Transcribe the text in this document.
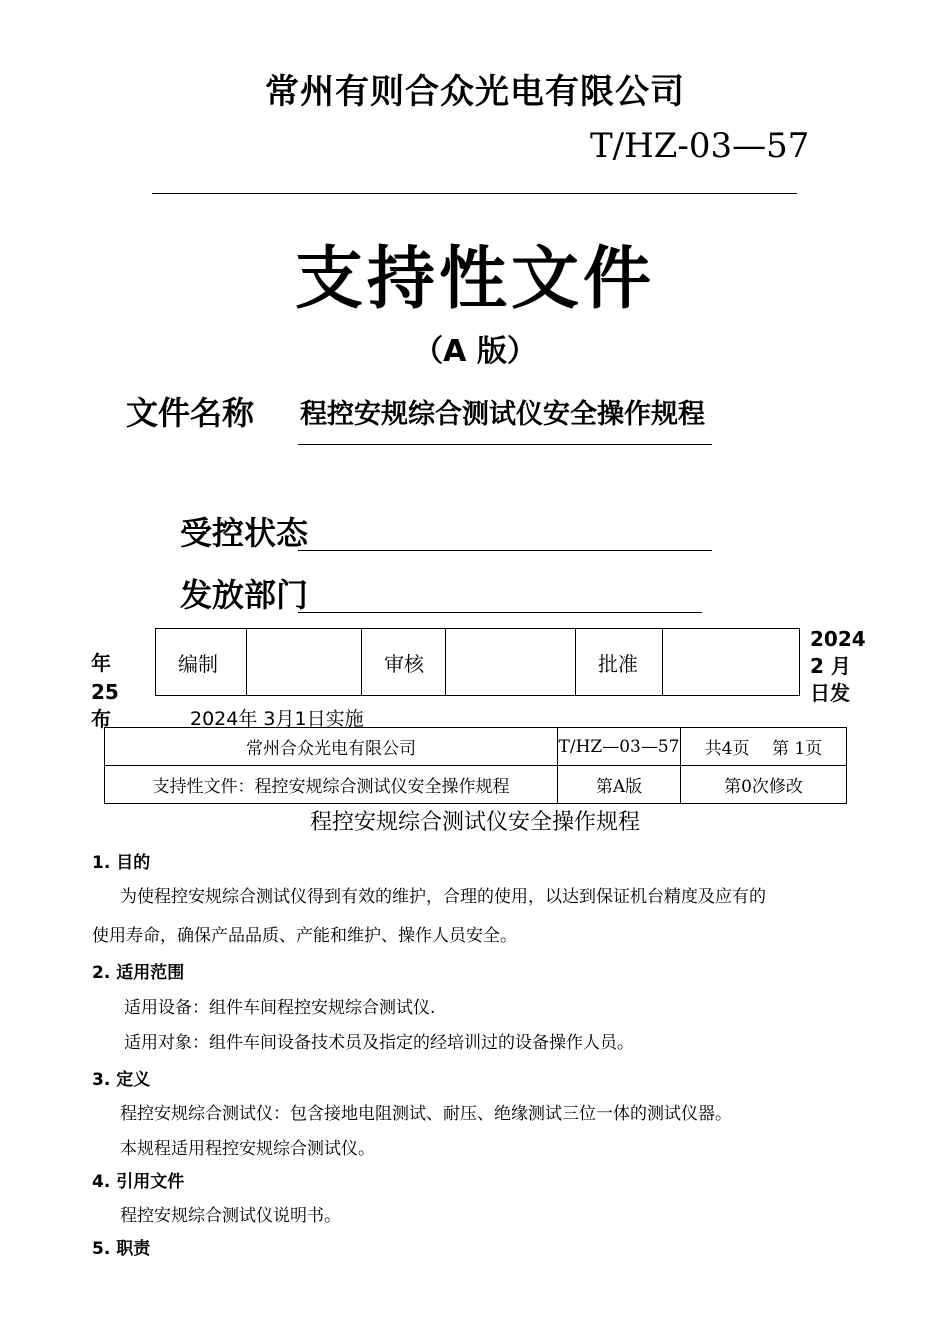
常州有则合众光电有限公司
T/HZ-03—57
支持性文件
（A 版）
文件名称 程控安规综合测试仪安全操作规程
受控状态
发放部门
年
25
布
编制		审核		批准	
2024
2 月
日发
2024年 3月1日实施
常州合众光电有限公司	T/HZ—03—57	共4页　 第 1页
支持性文件：程控安规综合测试仪安全操作规程	第A版	第0次修改
程控安规综合测试仪安全操作规程
1. 目的
为使程控安规综合测试仪得到有效的维护，合理的使用，以达到保证机台精度及应有的
使用寿命，确保产品品质、产能和维护、操作人员安全。
2. 适用范围
适用设备：组件车间程控安规综合测试仪.
适用对象：组件车间设备技术员及指定的经培训过的设备操作人员。
3. 定义
程控安规综合测试仪：包含接地电阻测试、耐压、绝缘测试三位一体的测试仪器。
本规程适用程控安规综合测试仪。
4. 引用文件
程控安规综合测试仪说明书。
5. 职责
